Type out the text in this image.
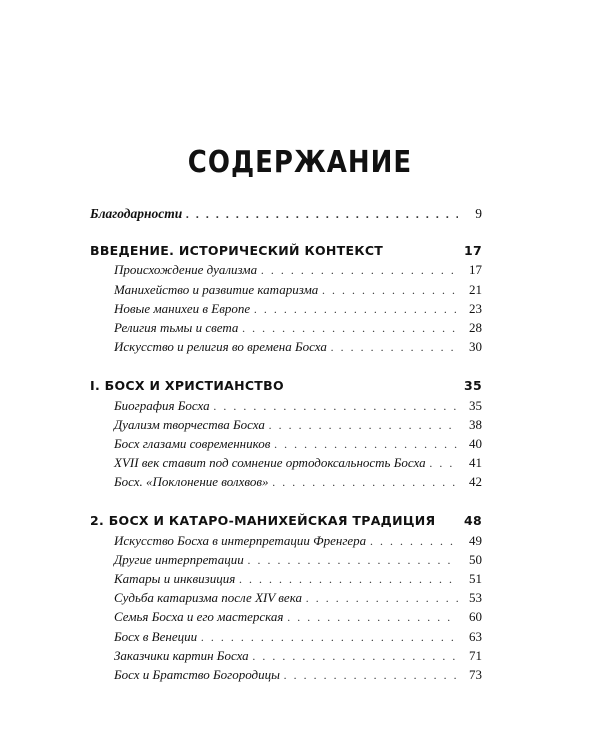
СОДЕРЖАНИЕ
Благодарности . . .	9
ВВЕДЕНИЕ. ИСТОРИЧЕСКИЙ КОНТЕКСТ	17
Происхождение дуализма . . .	17
Манихейство и развитие катаризма . . .	21
Новые манихеи в Европе . . .	23
Религия тьмы и света . . .	28
Искусство и религия во времена Босха . . .	30
I. БОСХ И ХРИСТИАНСТВО	35
Биография Босха . . .	35
Дуализм творчества Босха . . .	38
Босх глазами современников . . .	40
XVII век ставит под сомнение ортодоксальность Босха . . .	41
Босх. «Поклонение волхвов» . . .	42
2. БОСХ И КАТАРО-МАНИХЕЙСКАЯ ТРАДИЦИЯ 48
Искусство Босха в интерпретации Френгера . . .	49
Другие интерпретации . . .	50
Катары и инквизиция . . .	51
Судьба катаризма после XIV века . . .	53
Семья Босха и его мастерская . . .	60
Босх в Венеции . . .	63
Заказчики картин Босха . . .	71
Босх и Братство Богородицы . . .	73
